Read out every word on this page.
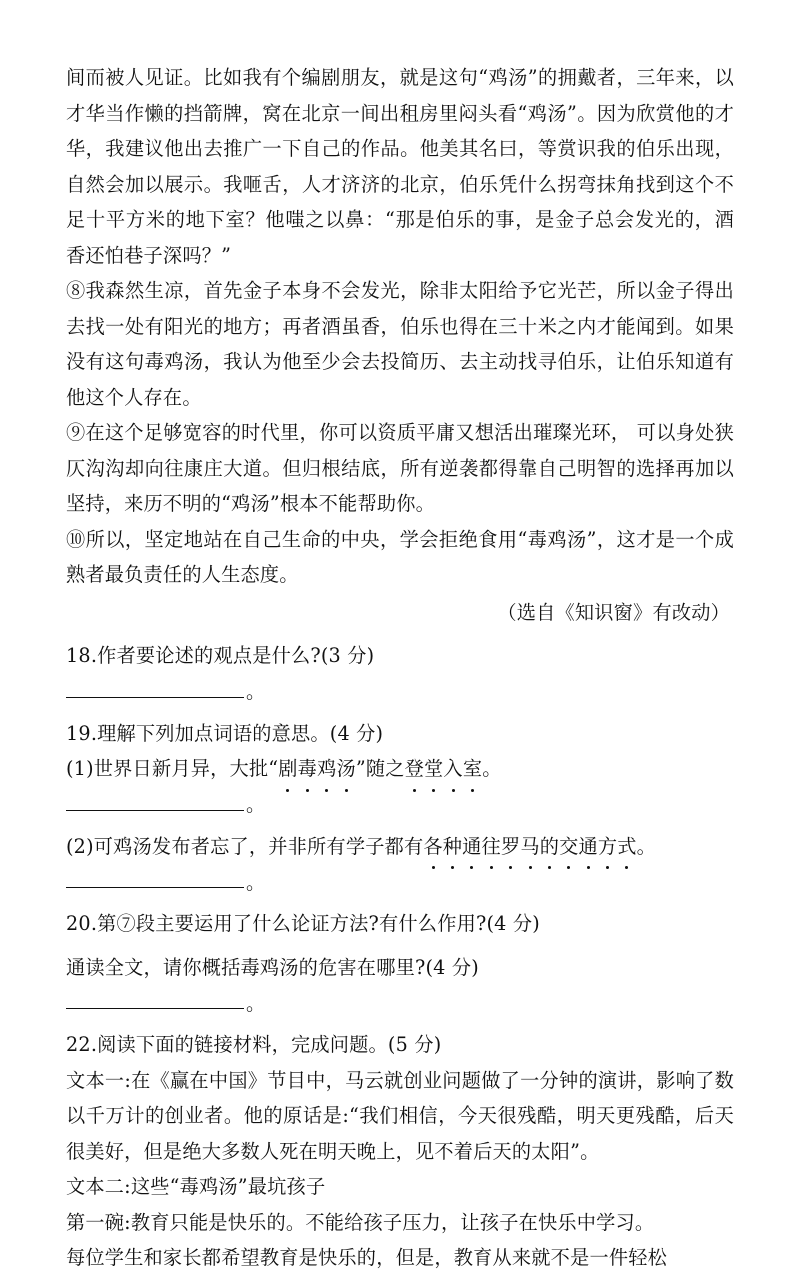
间而被人见证。比如我有个编剧朋友，就是这句“鸡汤”的拥戴者，三年来，以才华当作懒的挡箭牌，窝在北京一间出租房里闷头看“鸡汤”。因为欣赏他的才华，我建议他出去推广一下自己的作品。他美其名曰，等赏识我的伯乐出现，自然会加以展示。我咂舌，人才济济的北京，伯乐凭什么拐弯抹角找到这个不足十平方米的地下室？他嗤之以鼻：“那是伯乐的事，是金子总会发光的，酒香还怕巷子深吗？”

⑧我森然生凉，首先金子本身不会发光，除非太阳给予它光芒，所以金子得出去找一处有阳光的地方；再者酒虽香，伯乐也得在三十米之内才能闻到。如果没有这句毒鸡汤，我认为他至少会去投简历、去主动找寻伯乐，让伯乐知道有他这个人存在。

⑨在这个足够宽容的时代里，你可以资质平庸又想活出璀璨光环， 可以身处狭仄沟沟却向往康庄大道。但归根结底，所有逆袭都得靠自己明智的选择再加以坚持，来历不明的“鸡汤”根本不能帮助你。

⑩所以，坚定地站在自己生命的中央，学会拒绝食用“毒鸡汤”，这才是一个成熟者最负责任的人生态度。

（选自《知识窗》有改动）

18.作者要论述的观点是什么?(3 分)

。

19.理解下列加点词语的意思。(4 分)

(1)世界日新月异，大批“剧毒鸡汤”随之登堂入室。

。

(2)可鸡汤发布者忘了，并非所有学子都有各种通往罗马的交通方式。

。

20.第⑦段主要运用了什么论证方法?有什么作用?(4 分)

通读全文，请你概括毒鸡汤的危害在哪里?(4 分)

。

22.阅读下面的链接材料，完成问题。(5 分)

文本一:在《赢在中国》节目中，马云就创业问题做了一分钟的演讲，影响了数以千万计的创业者。他的原话是:“我们相信，今天很残酷，明天更残酷，后天很美好，但是绝大多数人死在明天晚上，见不着后天的太阳”。

文本二:这些“毒鸡汤”最坑孩子

第一碗:教育只能是快乐的。不能给孩子压力，让孩子在快乐中学习。

每位学生和家长都希望教育是快乐的，但是，教育从来就不是一件轻松
